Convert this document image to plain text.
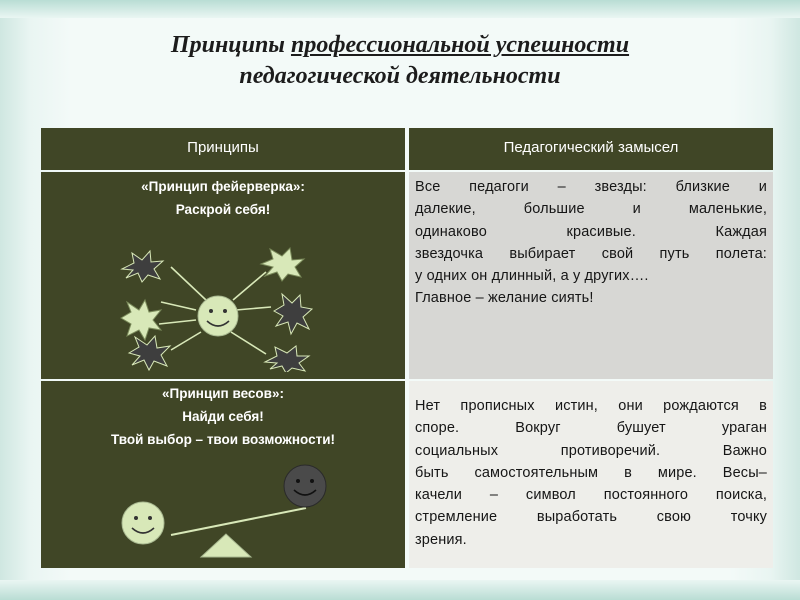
Принципы профессиональной успешности
педагогической деятельности
Принципы	Педагогический замысел
«Принцип фейерверка»:
Раскрой себя!
Все педагоги – звезды: близкие и
далекие, большие и маленькие,
одинаково красивые. Каждая
звездочка выбирает свой путь полета:
у одних он длинный, а у других….
Главное – желание сиять!
«Принцип весов»:
Найди себя!
Твой выбор – твои возможности!
Нет прописных истин, они рождаются в
споре. Вокруг бушует ураган
социальных противоречий. Важно
быть самостоятельным в мире. Весы–
качели – символ постоянного поиска,
стремление выработать свою точку
зрения.
